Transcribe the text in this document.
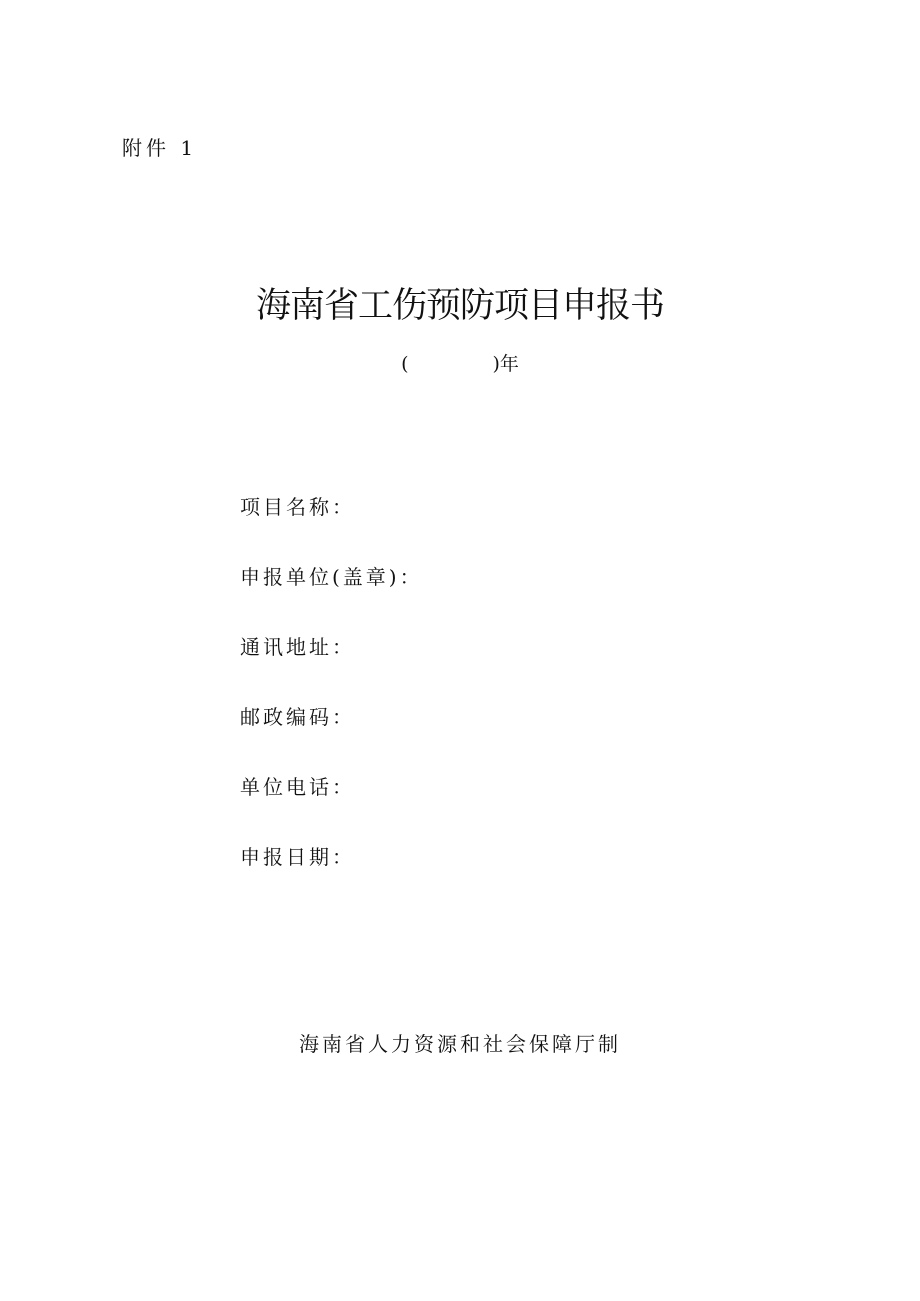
附件 1
海南省工伤预防项目申报书
(	)年
项目名称：
申报单位(盖章)：
通讯地址：
邮政编码：
单位电话：
申报日期：
海南省人力资源和社会保障厅制
